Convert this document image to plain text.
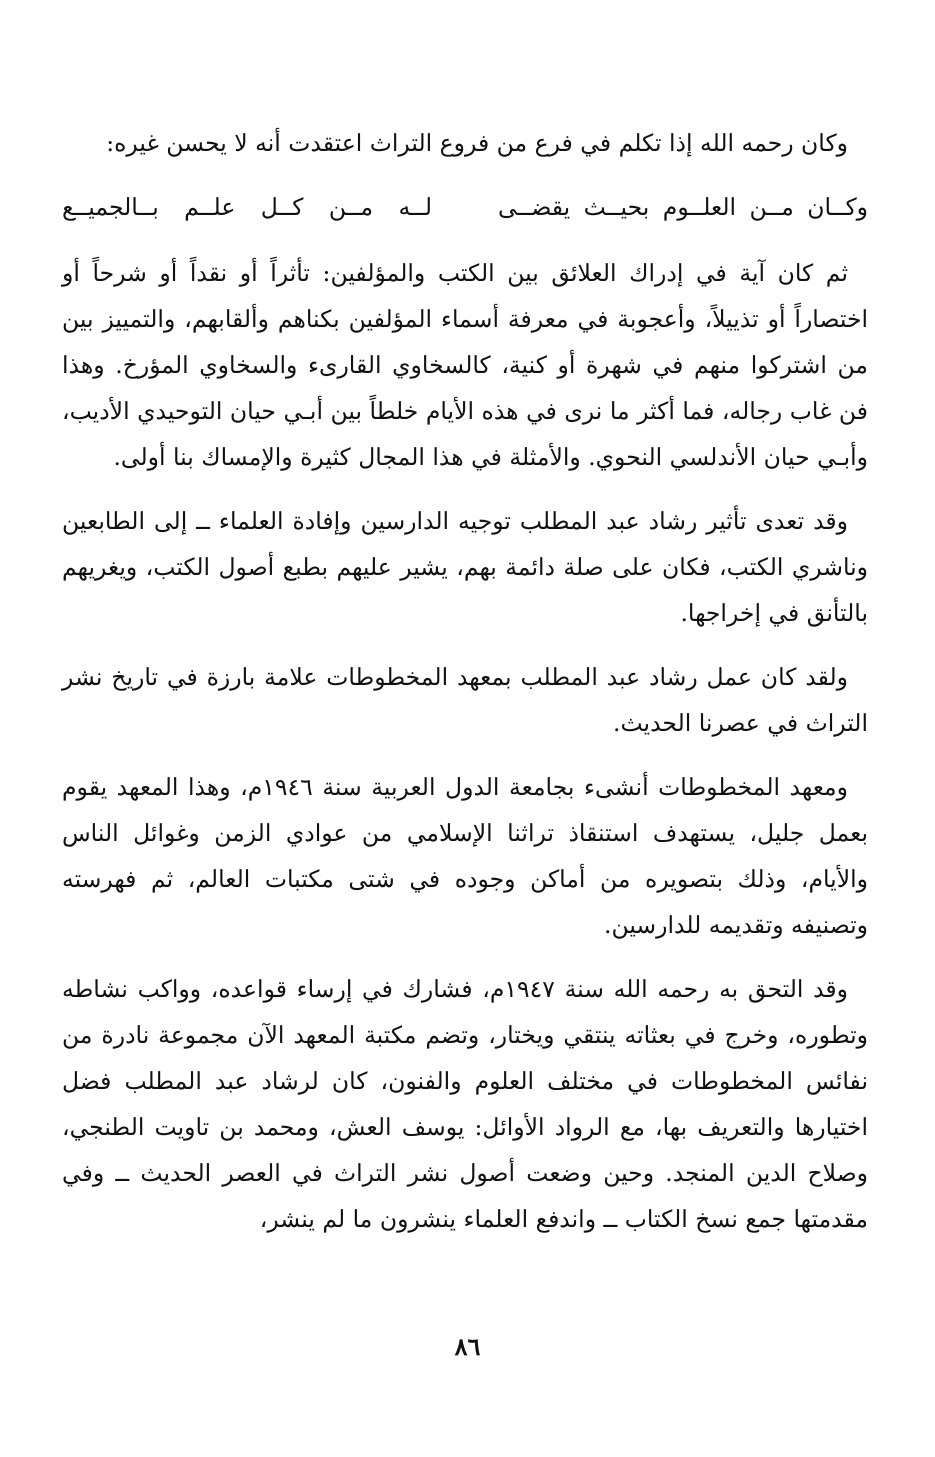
وكان رحمه الله إذا تكلم في فرع من فروع التراث اعتقدت أنه لا يحسن غيره:

وكــان مــن العلــوم بحيــث يقضــى
لــه مــن كــل علــم بــالجميــع

ثم كان آية في إدراك العلائق بين الكتب والمؤلفين: تأثراً أو نقداً أو شرحاً أو اختصاراً أو تذييلاً، وأعجوبة في معرفة أسماء المؤلفين بكناهم وألقابهم، والتمييز بين من اشتركوا منهم في شهرة أو كنية، كالسخاوي القارىء والسخاوي المؤرخ. وهذا فن غاب رجاله، فما أكثر ما نرى في هذه الأيام خلطاً بين أبـي حيان التوحيدي الأديب، وأبـي حيان الأندلسي النحوي. والأمثلة في هذا المجال كثيرة والإمساك بنا أولى.

وقد تعدى تأثير رشاد عبد المطلب توجيه الدارسين وإفادة العلماء ــ إلى الطابعين وناشري الكتب، فكان على صلة دائمة بهم، يشير عليهم بطبع أصول الكتب، ويغريهم بالتأنق في إخراجها.

ولقد كان عمل رشاد عبد المطلب بمعهد المخطوطات علامة بارزة في تاريخ نشر التراث في عصرنا الحديث.

ومعهد المخطوطات أنشىء بجامعة الدول العربية سنة ١٩٤٦م، وهذا المعهد يقوم بعمل جليل، يستهدف استنقاذ تراثنا الإسلامي من عوادي الزمن وغوائل الناس والأيام، وذلك بتصويره من أماكن وجوده في شتى مكتبات العالم، ثم فهرسته وتصنيفه وتقديمه للدارسين.

وقد التحق به رحمه الله سنة ١٩٤٧م، فشارك في إرساء قواعده، وواكب نشاطه وتطوره، وخرج في بعثاته ينتقي ويختار، وتضم مكتبة المعهد الآن مجموعة نادرة من نفائس المخطوطات في مختلف العلوم والفنون، كان لرشاد عبد المطلب فضل اختيارها والتعريف بها، مع الرواد الأوائل: يوسف العش، ومحمد بن تاويت الطنجي، وصلاح الدين المنجد. وحين وضعت أصول نشر التراث في العصر الحديث ــ وفي مقدمتها جمع نسخ الكتاب ــ واندفع العلماء ينشرون ما لم ينشر،

٨٦
